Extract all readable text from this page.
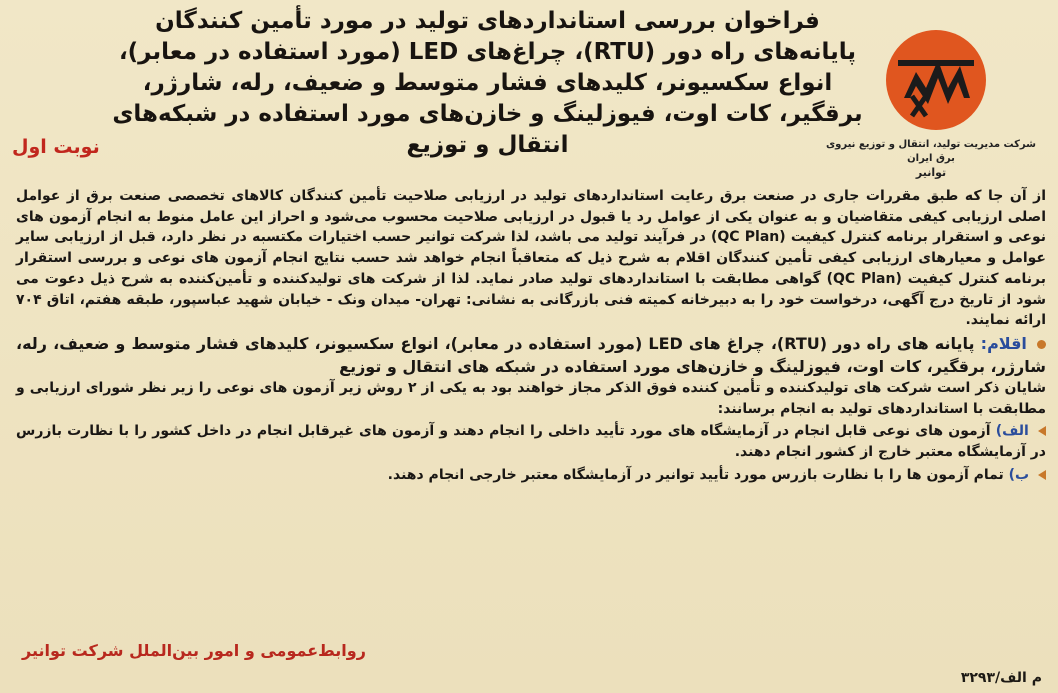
فراخوان بررسی استانداردهای تولید در مورد تأمین کنندگان پایانه‌های راه دور (RTU)، چراغ‌های LED (مورد استفاده در معابر)، انواع سکسیونر، کلیدهای فشار متوسط و ضعیف، رله، شارژر، برقگیر، کات اوت، فیوزلینگ و خازن‌های مورد استفاده در شبکه‌های انتقال و توزیع	شرکت مدیریت تولید، انتقال و توزیع نیروی برق ایران
توانیر
نوبت اول

از آن جا که طبق مقررات جاری در صنعت برق رعایت استانداردهای تولید در ارزیابی صلاحیت تأمین کنندگان کالاهای تخصصی صنعت برق از عوامل اصلی ارزیابی کیفی متقاضیان و به عنوان یکی از عوامل رد یا قبول در ارزیابی صلاحیت محسوب می‌شود و احراز این عامل منوط به انجام آزمون های نوعی و استقرار برنامه کنترل کیفیت (QC Plan) در فرآیند تولید می باشد، لذا شرکت توانیر حسب اختیارات مکتسبه در نظر دارد، قبل از ارزیابی سایر عوامل و معیارهای ارزیابی کیفی تأمین کنندگان اقلام به شرح ذیل که متعاقباً انجام خواهد شد حسب نتایج انجام آزمون های نوعی و بررسی استقرار برنامه کنترل کیفیت (QC Plan) گواهی مطابقت با استانداردهای تولید صادر نماید. لذا از شرکت های تولیدکننده و تأمین‌کننده به شرح ذیل دعوت می شود از تاریخ درج آگهی، درخواست خود را به دبیرخانه کمیته فنی بازرگانی به نشانی: تهران- میدان ونک - خیابان شهید عباسپور، طبقه هفتم، اتاق ۷۰۴ ارائه نمایند.

اقلام: پایانه های راه دور (RTU)، چراغ های LED (مورد استفاده در معابر)، انواع سکسیونر، کلیدهای فشار متوسط و ضعیف، رله، شارژر، برقگیر، کات اوت، فیوزلینگ و خازن‌های مورد استفاده در شبکه های انتقال و توزیع

شایان ذکر است شرکت های تولیدکننده و تأمین کننده فوق الذکر مجاز خواهند بود به یکی از ۲ روش زیر آزمون های نوعی را زیر نظر شورای ارزیابی و مطابقت با استانداردهای تولید به انجام برسانند:

الف) آزمون های نوعی قابل انجام در آزمایشگاه های مورد تأیید داخلی را انجام دهند و آزمون های غیرقابل انجام در داخل کشور را با نظارت بازرس در آزمایشگاه معتبر خارج از کشور انجام دهند.

ب) تمام آزمون ها را با نظارت بازرس مورد تأیید توانیر در آزمایشگاه معتبر خارجی انجام دهند.

روابط‌عمومی و امور بین‌الملل شرکت توانیر
م الف/۳۲۹۳
